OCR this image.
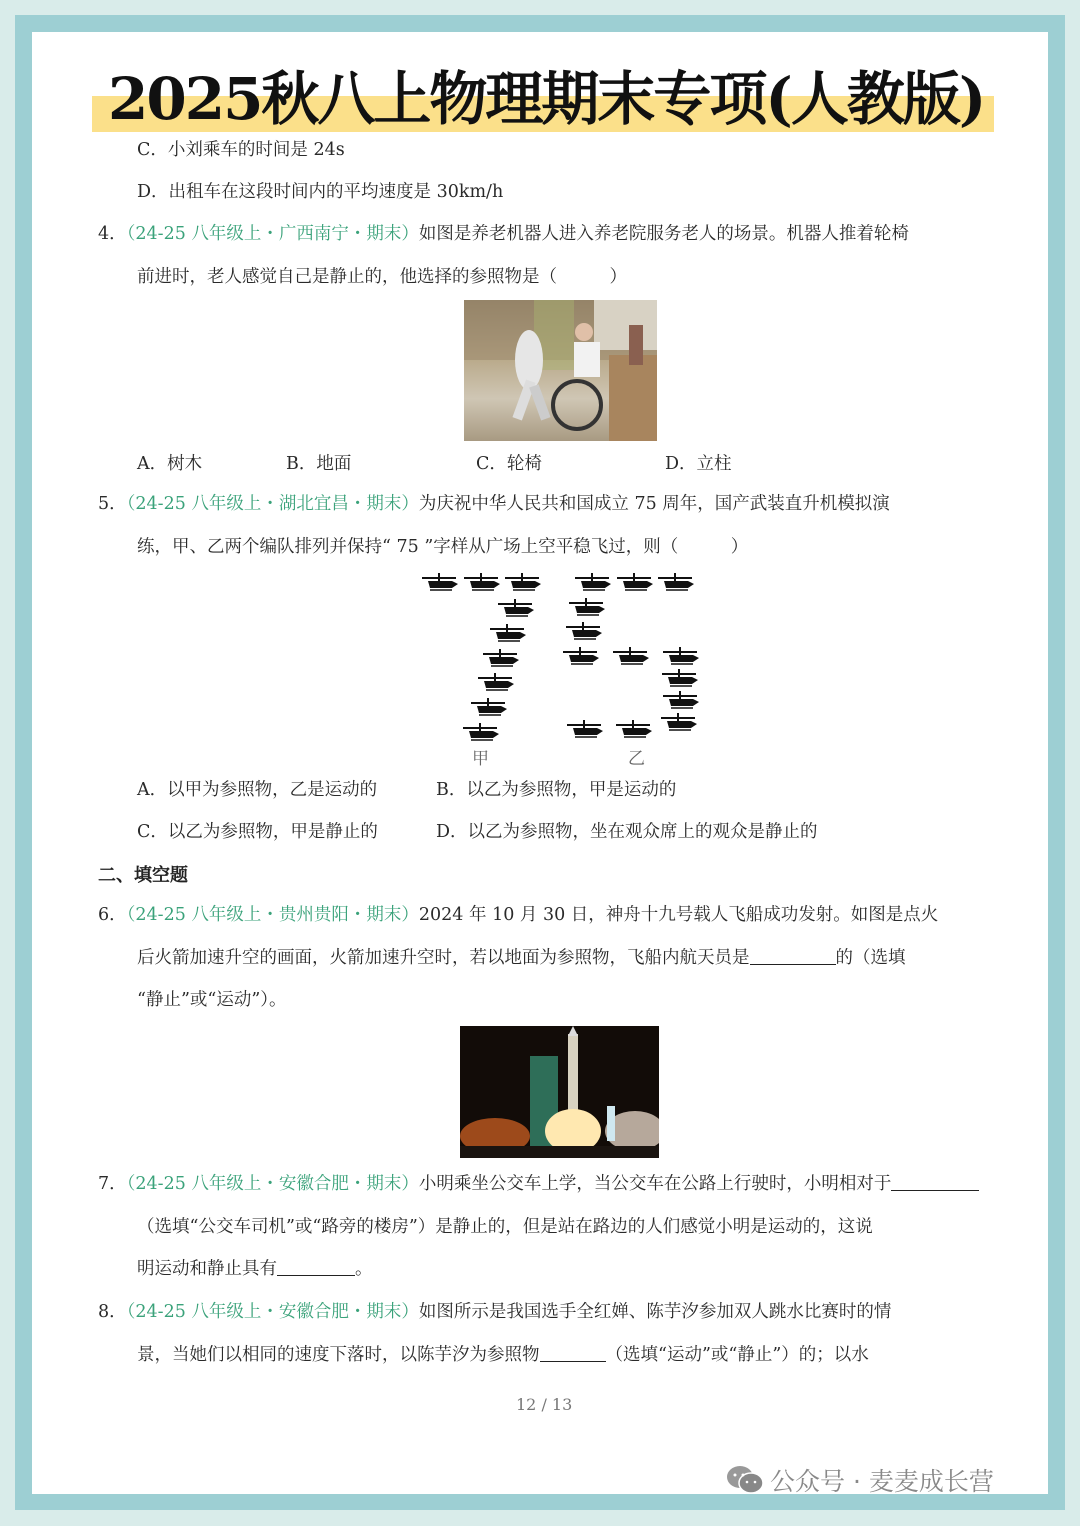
2025秋八上物理期末专项(人教版)
C．小刘乘车的时间是 24s
D．出租车在这段时间内的平均速度是 30km/h
4．（24-25 八年级上・广西南宁・期末）如图是养老机器人进入养老院服务老人的场景。机器人推着轮椅
前进时，老人感觉自己是静止的，他选择的参照物是（　　　）
A．树木	B．地面	C．轮椅	D．立柱
5．（24-25 八年级上・湖北宜昌・期末）为庆祝中华人民共和国成立 75 周年，国产武装直升机模拟演
练，甲、乙两个编队排列并保持“ 75 ”字样从广场上空平稳飞过，则（　　　）
甲	乙
A．以甲为参照物，乙是运动的	B．以乙为参照物，甲是运动的
C．以乙为参照物，甲是静止的	D．以乙为参照物，坐在观众席上的观众是静止的
二、填空题
6．（24-25 八年级上・贵州贵阳・期末）2024 年 10 月 30 日，神舟十九号载人飞船成功发射。如图是点火
后火箭加速升空的画面，火箭加速升空时，若以地面为参照物，飞船内航天员是	的（选填
“静止”或“运动”）。
7．（24-25 八年级上・安徽合肥・期末）小明乘坐公交车上学，当公交车在公路上行驶时，小明相对于
（选填“公交车司机”或“路旁的楼房”）是静止的，但是站在路边的人们感觉小明是运动的，这说
明运动和静止具有	。
8．（24-25 八年级上・安徽合肥・期末）如图所示是我国选手全红婵、陈芋汐参加双人跳水比赛时的情
景，当她们以相同的速度下落时，以陈芋汐为参照物	（选填“运动”或“静止”）的；以水
12 / 13
公众号 · 麦麦成长营
